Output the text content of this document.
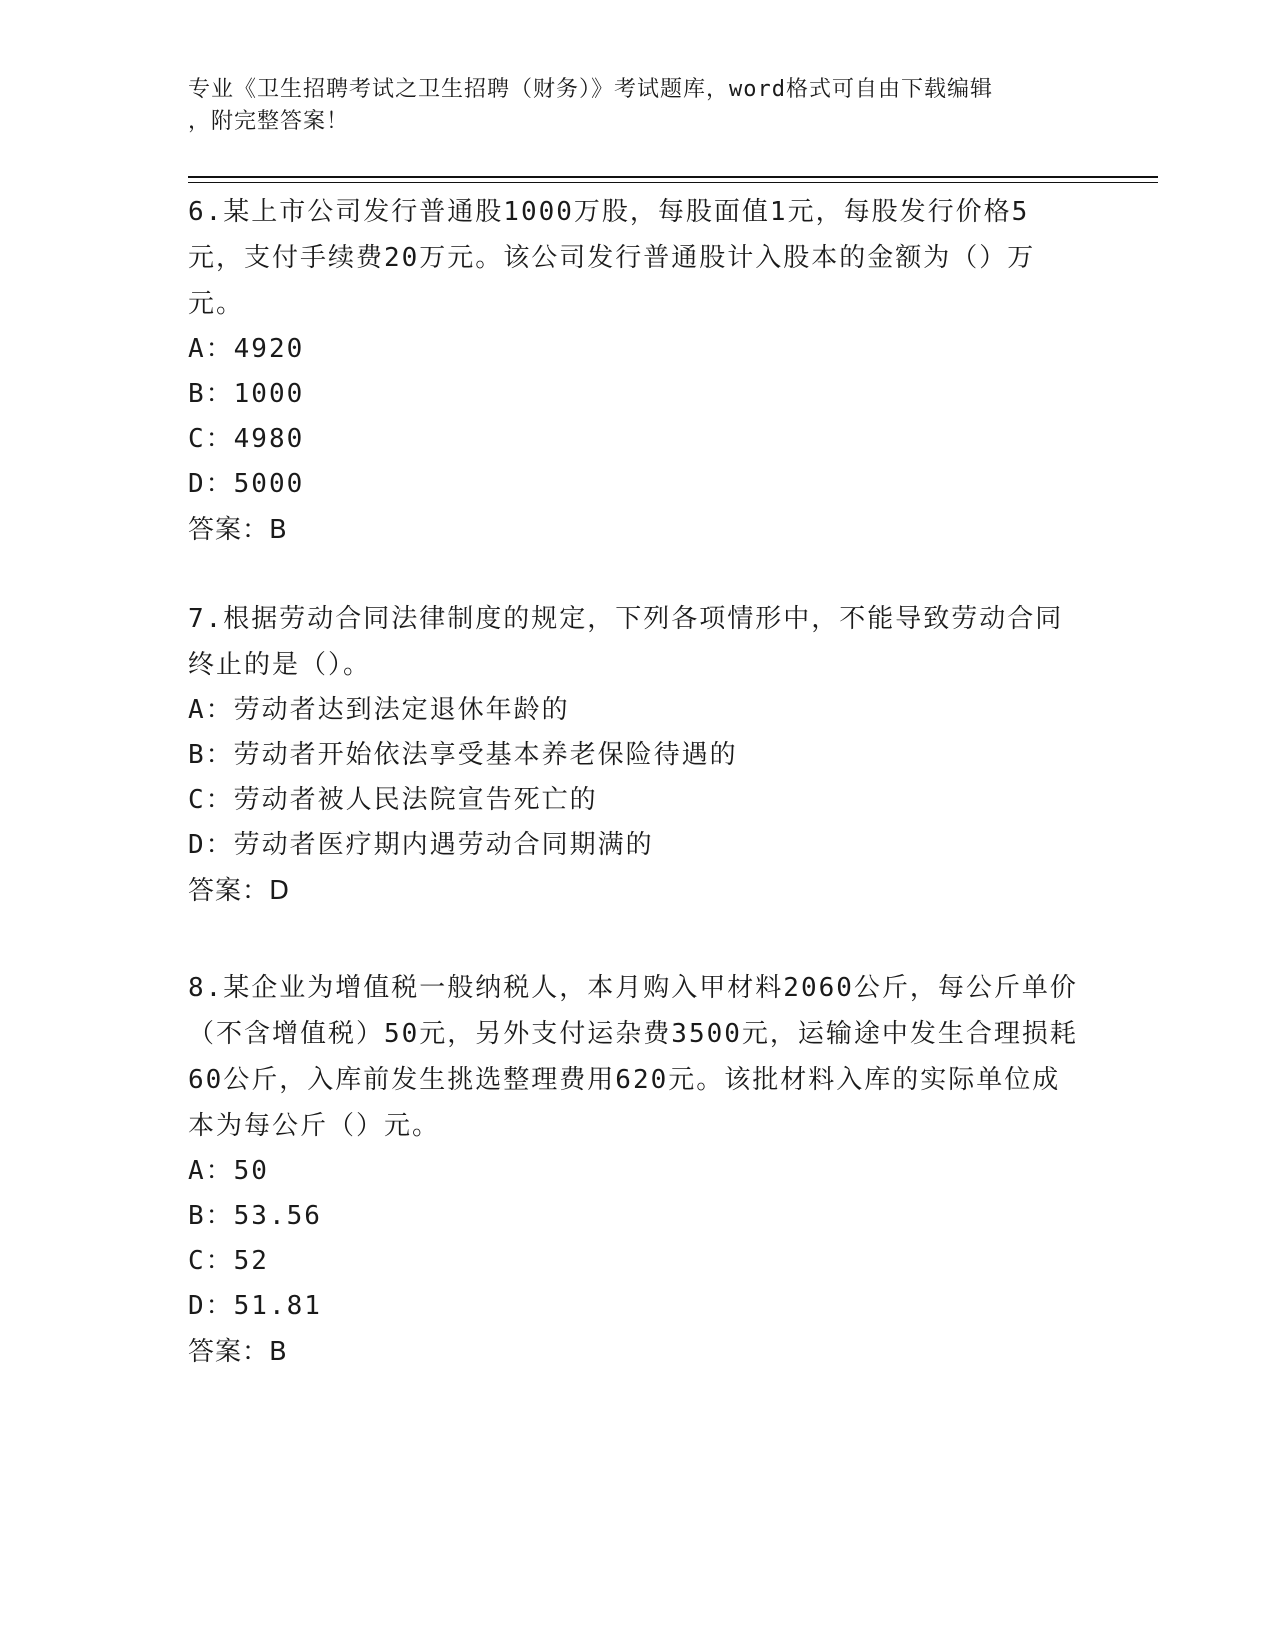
专业《卫生招聘考试之卫生招聘（财务）》考试题库，word格式可自由下载编辑
，附完整答案！

6.某上市公司发行普通股1000万股，每股面值1元，每股发行价格5元，支付手续费20万元。该公司发行普通股计入股本的金额为（）万元。

A：4920

B：1000

C：4980

D：5000

答案：B

7.根据劳动合同法律制度的规定，下列各项情形中，不能导致劳动合同终止的是（）。

A：劳动者达到法定退休年龄的

B：劳动者开始依法享受基本养老保险待遇的

C：劳动者被人民法院宣告死亡的

D：劳动者医疗期内遇劳动合同期满的

答案：D

8.某企业为增值税一般纳税人，本月购入甲材料2060公斤，每公斤单价（不含增值税）50元，另外支付运杂费3500元，运输途中发生合理损耗60公斤，入库前发生挑选整理费用620元。该批材料入库的实际单位成本为每公斤（）元。

A：50

B：53.56

C：52

D：51.81

答案：B
